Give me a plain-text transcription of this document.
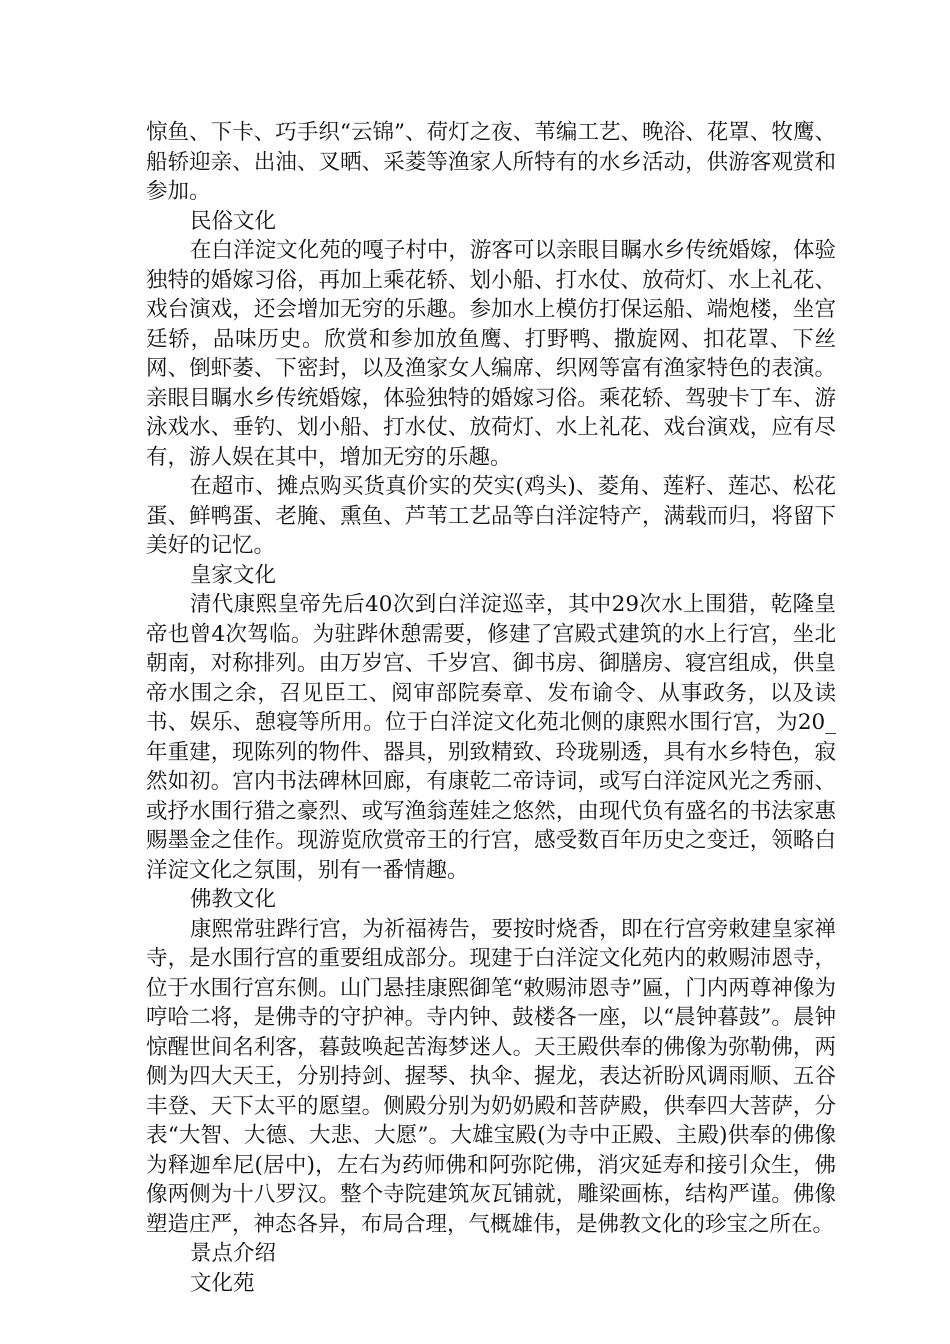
惊鱼、下卡、巧手织“云锦”、荷灯之夜、苇编工艺、晚浴、花罩、牧鹰、船轿迎亲、出油、叉晒、采菱等渔家人所特有的水乡活动，供游客观赏和参加。

民俗文化

在白洋淀文化苑的嘎子村中，游客可以亲眼目瞩水乡传统婚嫁，体验独特的婚嫁习俗，再加上乘花轿、划小船、打水仗、放荷灯、水上礼花、戏台演戏，还会增加无穷的乐趣。参加水上模仿打保运船、端炮楼，坐宫廷轿，品味历史。欣赏和参加放鱼鹰、打野鸭、撒旋网、扣花罩、下丝网、倒虾萎、下密封，以及渔家女人编席、织网等富有渔家特色的表演。亲眼目瞩水乡传统婚嫁，体验独特的婚嫁习俗。乘花轿、驾驶卡丁车、游泳戏水、垂钓、划小船、打水仗、放荷灯、水上礼花、戏台演戏，应有尽有，游人娱在其中，增加无穷的乐趣。

在超市、摊点购买货真价实的芡实(鸡头)、菱角、莲籽、莲芯、松花蛋、鲜鸭蛋、老腌、熏鱼、芦苇工艺品等白洋淀特产，满载而归，将留下美好的记忆。

皇家文化

清代康熙皇帝先后40次到白洋淀巡幸，其中29次水上围猎，乾隆皇帝也曾4次驾临。为驻跸休憩需要，修建了宫殿式建筑的水上行宫，坐北朝南，对称排列。由万岁宫、千岁宫、御书房、御膳房、寝宫组成，供皇帝水围之余，召见臣工、阅审部院奏章、发布谕令、从事政务，以及读书、娱乐、憩寝等所用。位于白洋淀文化苑北侧的康熙水围行宫，为20_年重建，现陈列的物件、器具，别致精致、玲珑剔透，具有水乡特色，寂然如初。宫内书法碑林回廊，有康乾二帝诗词，或写白洋淀风光之秀丽、或抒水围行猎之豪烈、或写渔翁莲娃之悠然，由现代负有盛名的书法家惠赐墨金之佳作。现游览欣赏帝王的行宫，感受数百年历史之变迁，领略白洋淀文化之氛围，别有一番情趣。

佛教文化

康熙常驻跸行宫，为祈福祷告，要按时烧香，即在行宫旁敕建皇家禅寺，是水围行宫的重要组成部分。现建于白洋淀文化苑内的敕赐沛恩寺，位于水围行宫东侧。山门悬挂康熙御笔“敕赐沛恩寺”匾，门内两尊神像为哼哈二将，是佛寺的守护神。寺内钟、鼓楼各一座，以“晨钟暮鼓”。晨钟惊醒世间名利客，暮鼓唤起苦海梦迷人。天王殿供奉的佛像为弥勒佛，两侧为四大天王，分别持剑、握琴、执伞、握龙，表达祈盼风调雨顺、五谷丰登、天下太平的愿望。侧殿分别为奶奶殿和菩萨殿，供奉四大菩萨，分表“大智、大德、大悲、大愿”。大雄宝殿(为寺中正殿、主殿)供奉的佛像为释迦牟尼(居中)，左右为药师佛和阿弥陀佛，消灾延寿和接引众生，佛像两侧为十八罗汉。整个寺院建筑灰瓦铺就，雕梁画栋，结构严谨。佛像塑造庄严，神态各异，布局合理，气概雄伟，是佛教文化的珍宝之所在。

景点介绍

文化苑
